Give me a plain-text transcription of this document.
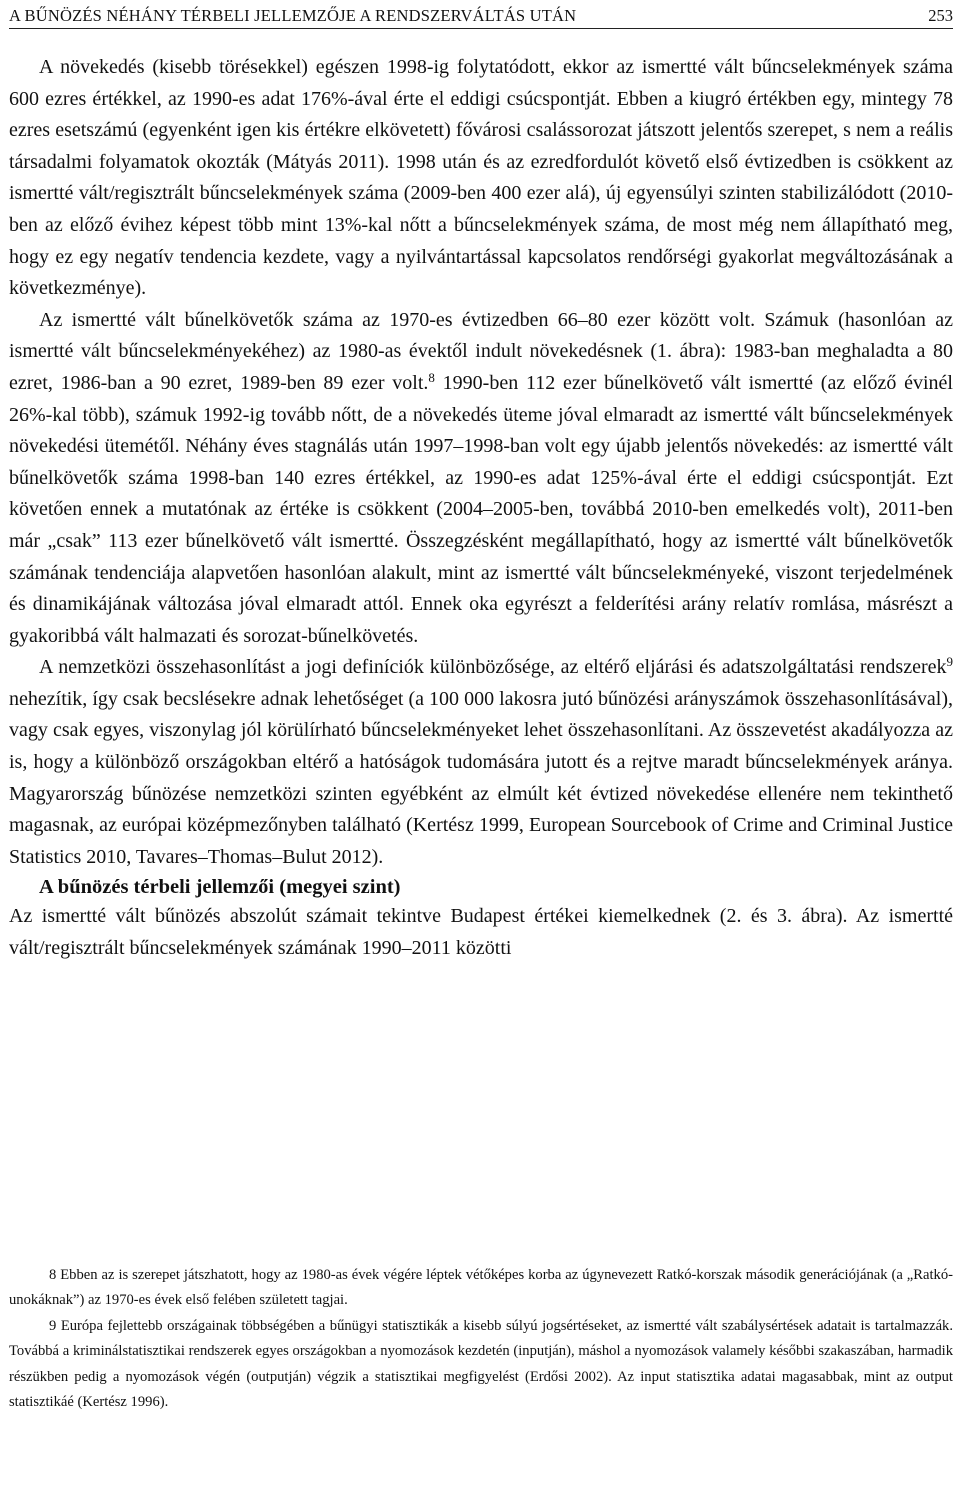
A BŰNÖZÉS NÉHÁNY TÉRBELI JELLEMZŐJE A RENDSZERVÁLTÁS UTÁN	253

A növekedés (kisebb törésekkel) egészen 1998-ig folytatódott, ekkor az ismertté vált bűncselekmények száma 600 ezres értékkel, az 1990-es adat 176%-ával érte el eddigi csúcspontját. Ebben a kiugró értékben egy, mintegy 78 ezres esetszámú (egyenként igen kis értékre elkövetett) fővárosi csalássorozat játszott jelentős szerepet, s nem a reális társadalmi folyamatok okozták (Mátyás 2011). 1998 után és az ezredfordulót követő első évtizedben is csökkent az ismertté vált/regisztrált bűncselekmények száma (2009-ben 400 ezer alá), új egyensúlyi szinten stabilizálódott (2010-ben az előző évihez képest több mint 13%-kal nőtt a bűncselekmények száma, de most még nem állapítható meg, hogy ez egy negatív tendencia kezdete, vagy a nyilvántartással kapcsolatos rendőrségi gyakorlat megváltozásának a következménye).

Az ismertté vált bűnelkövetők száma az 1970-es évtizedben 66–80 ezer között volt. Számuk (hasonlóan az ismertté vált bűncselekményekéhez) az 1980-as évektől indult növekedésnek (1. ábra): 1983-ban meghaladta a 80 ezret, 1986-ban a 90 ezret, 1989-ben 89 ezer volt.$^8$ 1990-ben 112 ezer bűnelkövető vált ismertté (az előző évinél 26%-kal több), számuk 1992-ig tovább nőtt, de a növekedés üteme jóval elmaradt az ismertté vált bűncselekmények növekedési ütemétől. Néhány éves stagnálás után 1997–1998-ban volt egy újabb jelentős növekedés: az ismertté vált bűnelkövetők száma 1998-ban 140 ezres értékkel, az 1990-es adat 125%-ával érte el eddigi csúcspontját. Ezt követően ennek a mutatónak az értéke is csökkent (2004–2005-ben, továbbá 2010-ben emelkedés volt), 2011-ben már „csak” 113 ezer bűnelkövető vált ismertté. Összegzésként megállapítható, hogy az ismertté vált bűnelkövetők számának tendenciája alapvetően hasonlóan alakult, mint az ismertté vált bűncselekményeké, viszont terjedelmének és dinamikájának változása jóval elmaradt attól. Ennek oka egyrészt a felderítési arány relatív romlása, másrészt a gyakoribbá vált halmazati és sorozat-bűnelkövetés.

A nemzetközi összehasonlítást a jogi definíciók különbözősége, az eltérő eljárási és adatszolgáltatási rendszerek$^9$ nehezítik, így csak becslésekre adnak lehetőséget (a 100 000 lakosra jutó bűnözési arányszámok összehasonlításával), vagy csak egyes, viszonylag jól körülírható bűncselekményeket lehet összehasonlítani. Az összevetést akadályozza az is, hogy a különböző országokban eltérő a hatóságok tudomására jutott és a rejtve maradt bűncselekmények aránya. Magyarország bűnözése nemzetközi szinten egyébként az elmúlt két évtized növekedése ellenére nem tekinthető magasnak, az európai középmezőnyben található (Kertész 1999, European Sourcebook of Crime and Criminal Justice Statistics 2010, Tavares–Thomas–Bulut 2012).

A bűnözés térbeli jellemzői (megyei szint)

Az ismertté vált bűnözés abszolút számait tekintve Budapest értékei kiemelkednek (2. és 3. ábra). Az ismertté vált/regisztrált bűncselekmények számának 1990–2011 közötti

8 Ebben az is szerepet játszhatott, hogy az 1980-as évek végére léptek vétőképes korba az úgynevezett Ratkó-korszak második generációjának (a „Ratkó-unokáknak”) az 1970-es évek első felében született tagjai.

9 Európa fejlettebb országainak többségében a bűnügyi statisztikák a kisebb súlyú jogsértéseket, az ismertté vált szabálysértések adatait is tartalmazzák. Továbbá a kriminálstatisztikai rendszerek egyes országokban a nyomozások kezdetén (inputján), máshol a nyomozások valamely későbbi szakaszában, harmadik részükben pedig a nyomozások végén (outputján) végzik a statisztikai megfigyelést (Erdősi 2002). Az input statisztika adatai magasabbak, mint az output statisztikáé (Kertész 1996).
